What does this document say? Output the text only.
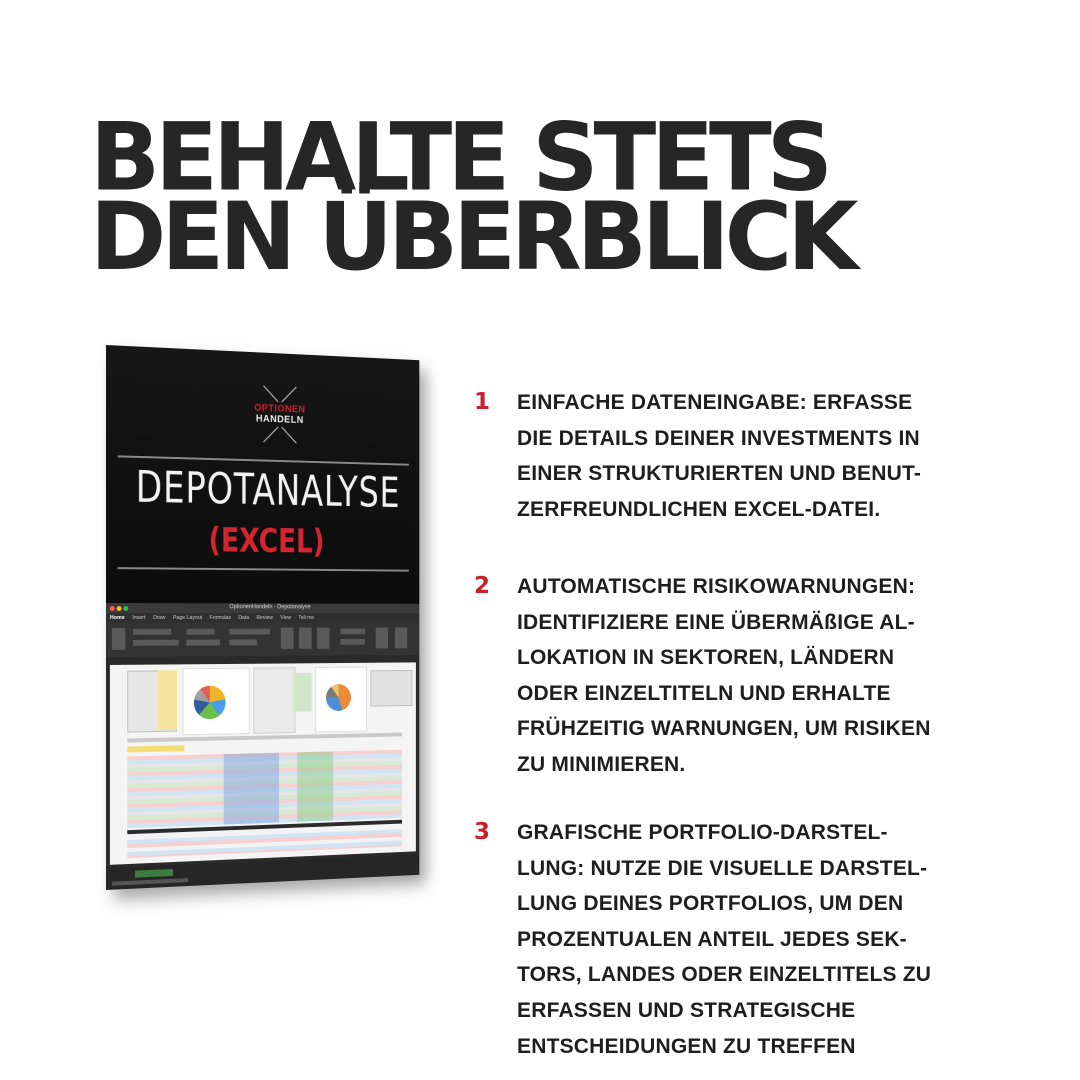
BEHALTE STETS
DEN ÜBERBLICK
OPTIONEN
HANDELN
DEPOTANALYSE
(EXCEL)
OptionenHandeln - Depotanalyse
Home Insert Draw Page Layout Formulas Data Review View Tell me
1	EINFACHE DATENEINGABE: ERFASSE
DIE DETAILS DEINER INVESTMENTS IN
EINER STRUKTURIERTEN UND BENUT-
ZERFREUNDLICHEN EXCEL-DATEI.

2	AUTOMATISCHE RISIKOWARNUNGEN:
IDENTIFIZIERE EINE ÜBERMÄßIGE AL-
LOKATION IN SEKTOREN, LÄNDERN
ODER EINZELTITELN UND ERHALTE
FRÜHZEITIG WARNUNGEN, UM RISIKEN
ZU MINIMIEREN.

3	GRAFISCHE PORTFOLIO-DARSTEL-
LUNG: NUTZE DIE VISUELLE DARSTEL-
LUNG DEINES PORTFOLIOS, UM DEN
PROZENTUALEN ANTEIL JEDES SEK-
TORS, LANDES ODER EINZELTITELS ZU
ERFASSEN UND STRATEGISCHE
ENTSCHEIDUNGEN ZU TREFFEN
